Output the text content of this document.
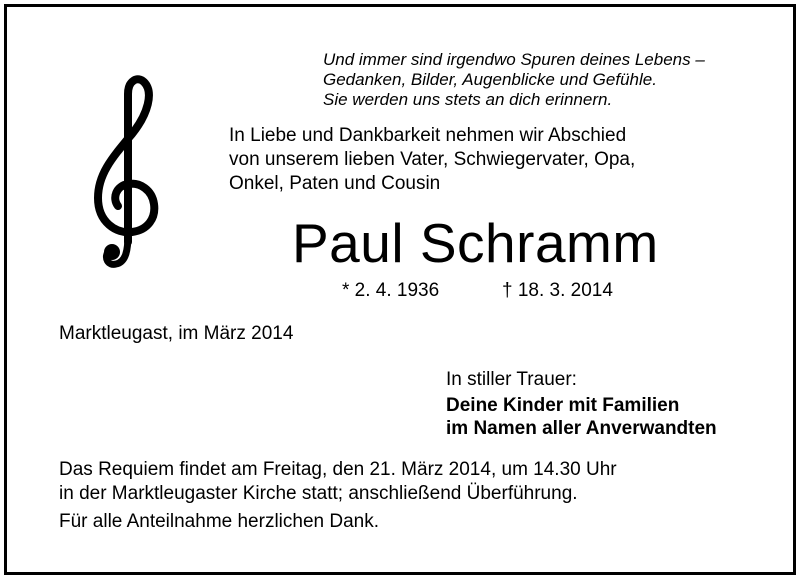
Und immer sind irgendwo Spuren deines Lebens –
Gedanken, Bilder, Augenblicke und Gefühle.
Sie werden uns stets an dich erinnern.

In Liebe und Dankbarkeit nehmen wir Abschied
von unserem lieben Vater, Schwiegervater, Opa,
Onkel, Paten und Cousin

Paul Schramm
* 2. 4. 1936	† 18. 3. 2014
Marktleugast, im März 2014
In stiller Trauer:

Deine Kinder mit Familien
im Namen aller Anverwandten

Das Requiem findet am Freitag, den 21. März 2014, um 14.30 Uhr
in der Marktleugaster Kirche statt; anschließend Überführung.

Für alle Anteilnahme herzlichen Dank.
